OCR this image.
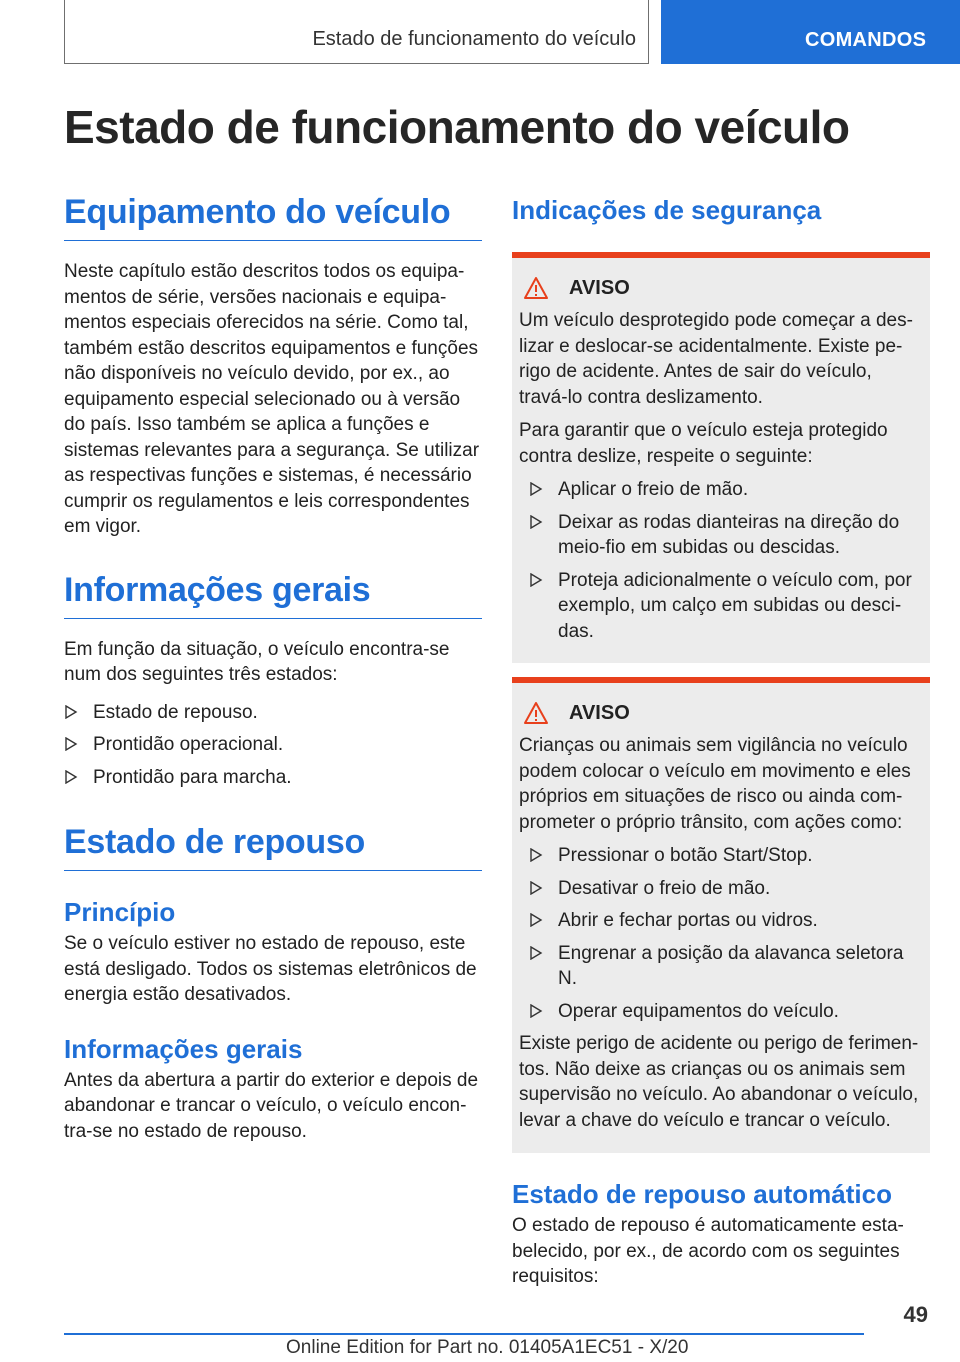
Estado de funcionamento do veículo	COMANDOS
Estado de funcionamento do veículo
Equipamento do veículo

Neste capítulo estão descritos todos os equipamentos de série, versões nacionais e equipamentos especiais oferecidos na série. Como tal, também estão descritos equipamentos e funções não disponíveis no veículo devido, por ex., ao equipamento especial selecionado ou à versão do país. Isso também se aplica a funções e sistemas relevantes para a segurança. Se utilizar as respectivas funções e sistemas, é necessário cumprir os regulamentos e leis correspondentes em vigor.

Informações gerais

Em função da situação, o veículo encontra-se num dos seguintes três estados:

Estado de repouso.
Prontidão operacional.
Prontidão para marcha.
Estado de repouso
Princípio

Se o veículo estiver no estado de repouso, este está desligado. Todos os sistemas eletrônicos de energia estão desativados.

Informações gerais

Antes da abertura a partir do exterior e depois de abandonar e trancar o veículo, o veículo encontra-se no estado de repouso.

Indicações de segurança
AVISO

Um veículo desprotegido pode começar a deslizar e deslocar-se acidentalmente. Existe perigo de acidente. Antes de sair do veículo, travá-lo contra deslizamento.

Para garantir que o veículo esteja protegido contra deslize, respeite o seguinte:

Aplicar o freio de mão.
Deixar as rodas dianteiras na direção do meio-fio em subidas ou descidas.
Proteja adicionalmente o veículo com, por exemplo, um calço em subidas ou descidas.
AVISO

Crianças ou animais sem vigilância no veículo podem colocar o veículo em movimento e eles próprios em situações de risco ou ainda comprometer o próprio trânsito, com ações como:

Pressionar o botão Start/Stop.
Desativar o freio de mão.
Abrir e fechar portas ou vidros.
Engrenar a posição da alavanca seletora N.
Operar equipamentos do veículo.

Existe perigo de acidente ou perigo de ferimentos. Não deixe as crianças ou os animais sem supervisão no veículo. Ao abandonar o veículo, levar a chave do veículo e trancar o veículo.

Estado de repouso automático

O estado de repouso é automaticamente estabelecido, por ex., de acordo com os seguintes requisitos:

49
Online Edition for Part no. 01405A1EC51 - X/20
